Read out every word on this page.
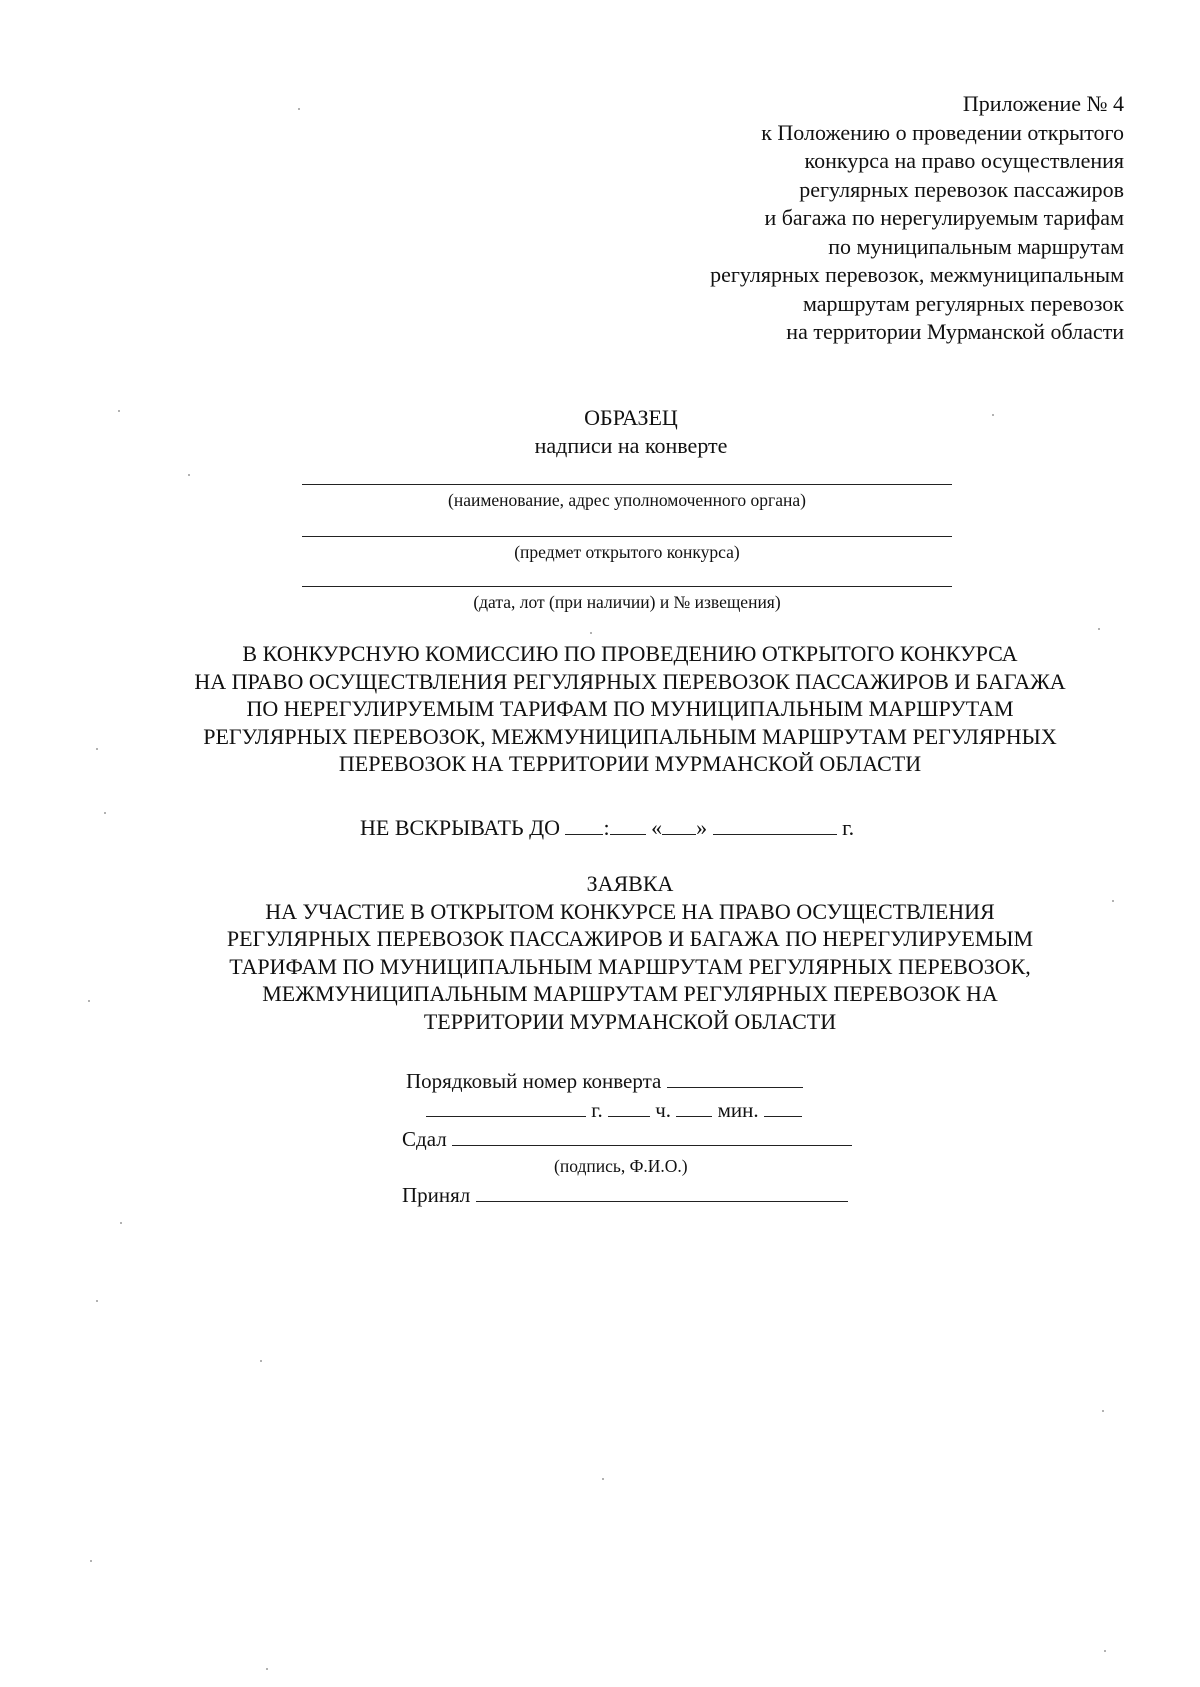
Приложение № 4
к Положению о проведении открытого
конкурса на право осуществления
регулярных перевозок пассажиров
и багажа по нерегулируемым тарифам
по муниципальным маршрутам
регулярных перевозок, межмуниципальным
маршрутам регулярных перевозок
на территории Мурманской области
ОБРАЗЕЦ
надписи на конверте
(наименование, адрес уполномоченного органа)
(предмет открытого конкурса)
(дата, лот (при наличии) и № извещения)
В КОНКУРСНУЮ КОМИССИЮ ПО ПРОВЕДЕНИЮ ОТКРЫТОГО КОНКУРСА
НА ПРАВО ОСУЩЕСТВЛЕНИЯ РЕГУЛЯРНЫХ ПЕРЕВОЗОК ПАССАЖИРОВ И БАГАЖА
ПО НЕРЕГУЛИРУЕМЫМ ТАРИФАМ ПО МУНИЦИПАЛЬНЫМ МАРШРУТАМ
РЕГУЛЯРНЫХ ПЕРЕВОЗОК, МЕЖМУНИЦИПАЛЬНЫМ МАРШРУТАМ РЕГУЛЯРНЫХ
ПЕРЕВОЗОК НА ТЕРРИТОРИИ МУРМАНСКОЙ ОБЛАСТИ
НЕ ВСКРЫВАТЬ ДО : « »	г.
ЗАЯВКА
НА УЧАСТИЕ В ОТКРЫТОМ КОНКУРСЕ НА ПРАВО ОСУЩЕСТВЛЕНИЯ
РЕГУЛЯРНЫХ ПЕРЕВОЗОК ПАССАЖИРОВ И БАГАЖА ПО НЕРЕГУЛИРУЕМЫМ
ТАРИФАМ ПО МУНИЦИПАЛЬНЫМ МАРШРУТАМ РЕГУЛЯРНЫХ ПЕРЕВОЗОК,
МЕЖМУНИЦИПАЛЬНЫМ МАРШРУТАМ РЕГУЛЯРНЫХ ПЕРЕВОЗОК НА
ТЕРРИТОРИИ МУРМАНСКОЙ ОБЛАСТИ
Порядковый номер конверта
г.	ч. мин.
Сдал
(подпись, Ф.И.О.)
Принял
